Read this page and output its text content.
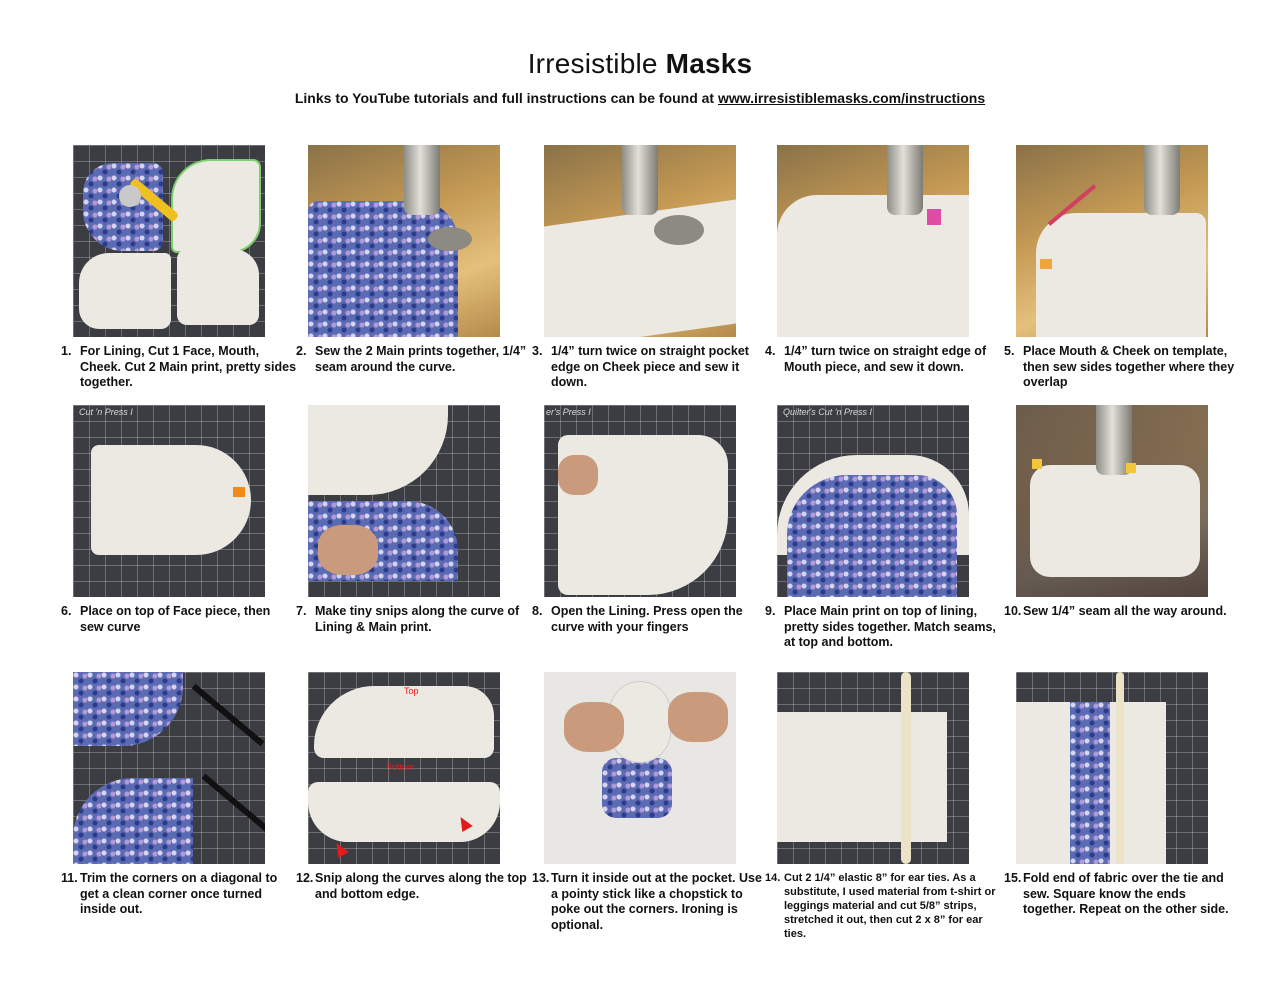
Irresistible Masks
Links to YouTube tutorials and full instructions can be found at www.irresistiblemasks.com/instructions
1. For Lining, Cut 1 Face, Mouth, Cheek. Cut 2 Main print, pretty sides together.
2. Sew the 2 Main prints together, 1/4” seam around the curve.
3. 1/4” turn twice on straight pocket edge on Cheek piece and sew it down.
4. 1/4” turn twice on straight edge of Mouth piece, and sew it down.
5. Place Mouth & Cheek on template, then sew sides together where they overlap
Cut 'n Press I
6. Place on top of Face piece, then sew curve
7. Make tiny snips along the curve of Lining & Main print.
er's Press I
8. Open the Lining. Press open the curve with your fingers
Quilter's Cut 'n Press I
9. Place Main print on top of lining, pretty sides together. Match seams, at top and bottom.
10. Sew 1/4” seam all the way around.
11. Trim the corners on a diagonal to get a clean corner once turned inside out.
Top
Bottom
12. Snip along the curves along the top and bottom edge.
13. Turn it inside out at the pocket. Use a pointy stick like a chopstick to poke out the corners. Ironing is optional.
14. Cut 2 1/4” elastic 8” for ear ties. As a substitute, I used material from t-shirt or leggings material and cut 5/8” strips, stretched it out, then cut 2 x 8” for ear ties.
15. Fold end of fabric over the tie and sew. Square know the ends together. Repeat on the other side.
